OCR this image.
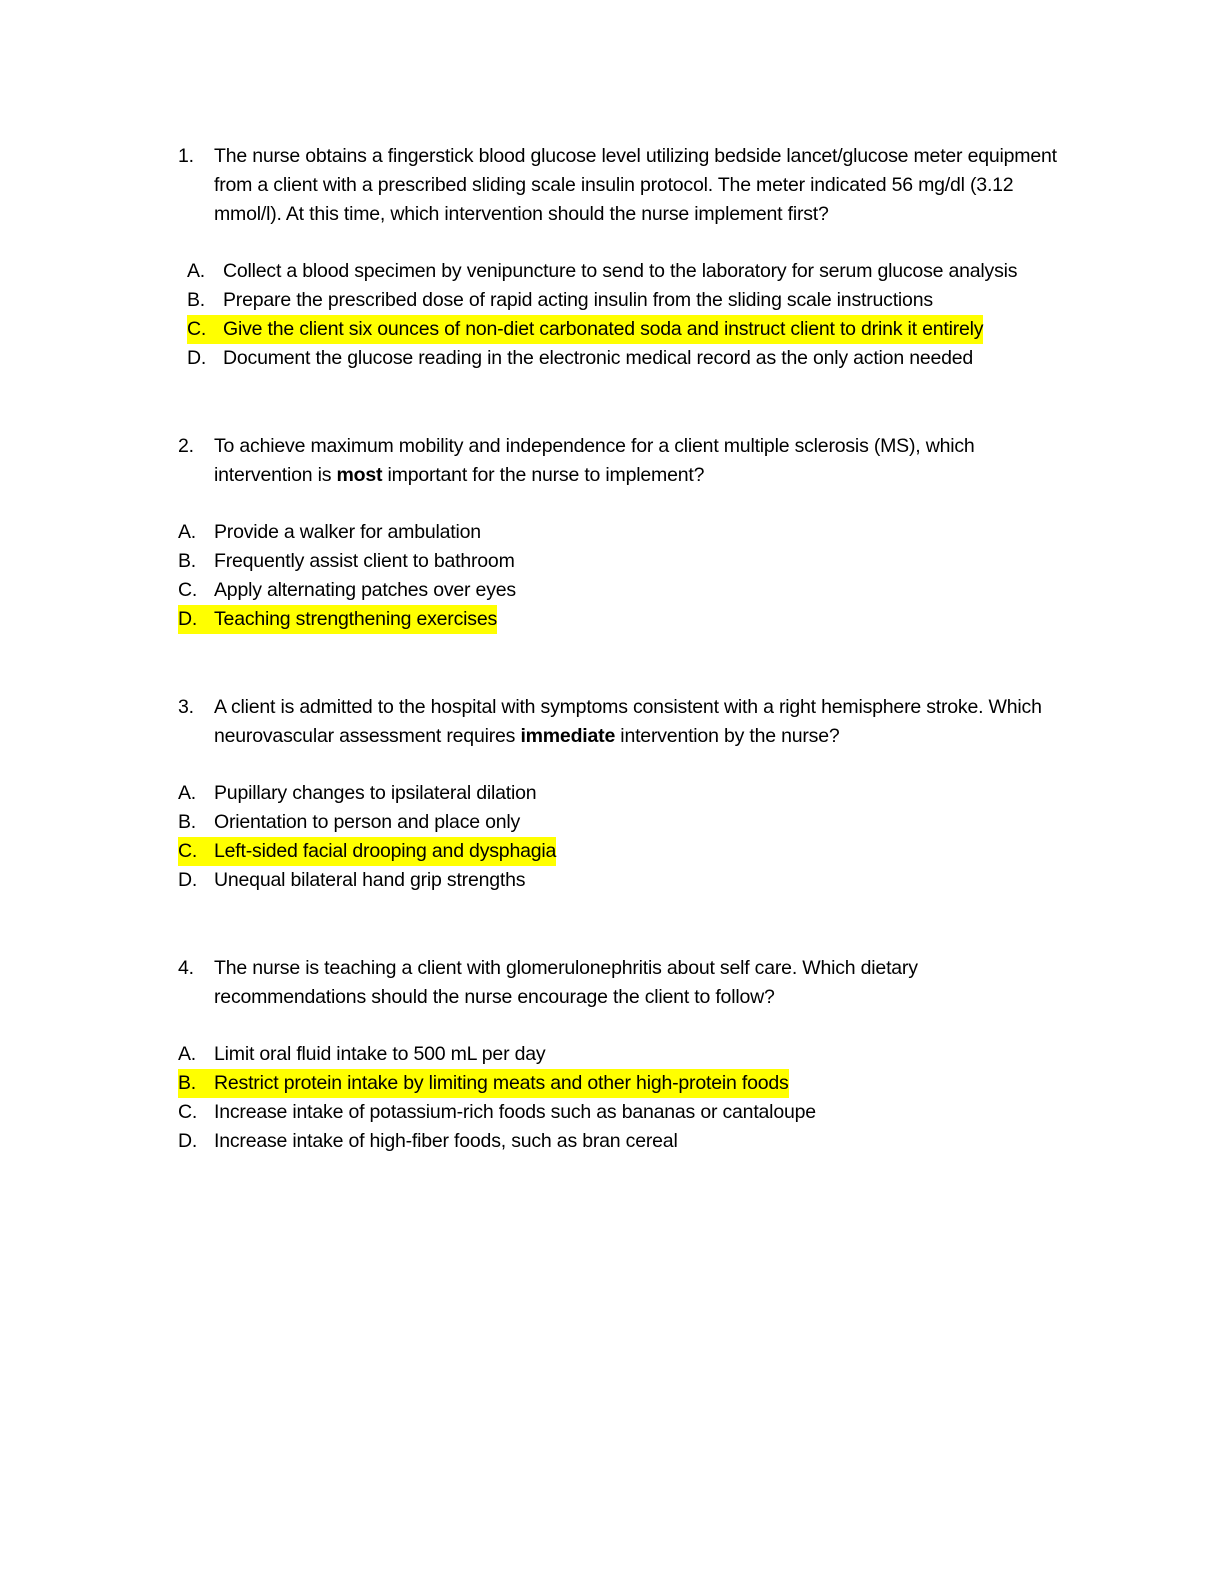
1.	The nurse obtains a fingerstick blood glucose level utilizing bedside lancet/glucose meter equipment from a client with a prescribed sliding scale insulin protocol. The meter indicated 56 mg/dl (3.12 mmol/l). At this time, which intervention should the nurse implement first?
A. Collect a blood specimen by venipuncture to send to the laboratory for serum glucose analysis
B. Prepare the prescribed dose of rapid acting insulin from the sliding scale instructions
C. Give the client six ounces of non-diet carbonated soda and instruct client to drink it entirely
D. Document the glucose reading in the electronic medical record as the only action needed
2.	To achieve maximum mobility and independence for a client multiple sclerosis (MS), which intervention is most important for the nurse to implement?
A. Provide a walker for ambulation
B. Frequently assist client to bathroom
C. Apply alternating patches over eyes
D. Teaching strengthening exercises
3.	A client is admitted to the hospital with symptoms consistent with a right hemisphere stroke. Which neurovascular assessment requires immediate intervention by the nurse?
A. Pupillary changes to ipsilateral dilation
B. Orientation to person and place only
C. Left-sided facial drooping and dysphagia
D. Unequal bilateral hand grip strengths
4.	The nurse is teaching a client with glomerulonephritis about self care. Which dietary recommendations should the nurse encourage the client to follow?
A. Limit oral fluid intake to 500 mL per day
B. Restrict protein intake by limiting meats and other high-protein foods
C. Increase intake of potassium-rich foods such as bananas or cantaloupe
D. Increase intake of high-fiber foods, such as bran cereal
